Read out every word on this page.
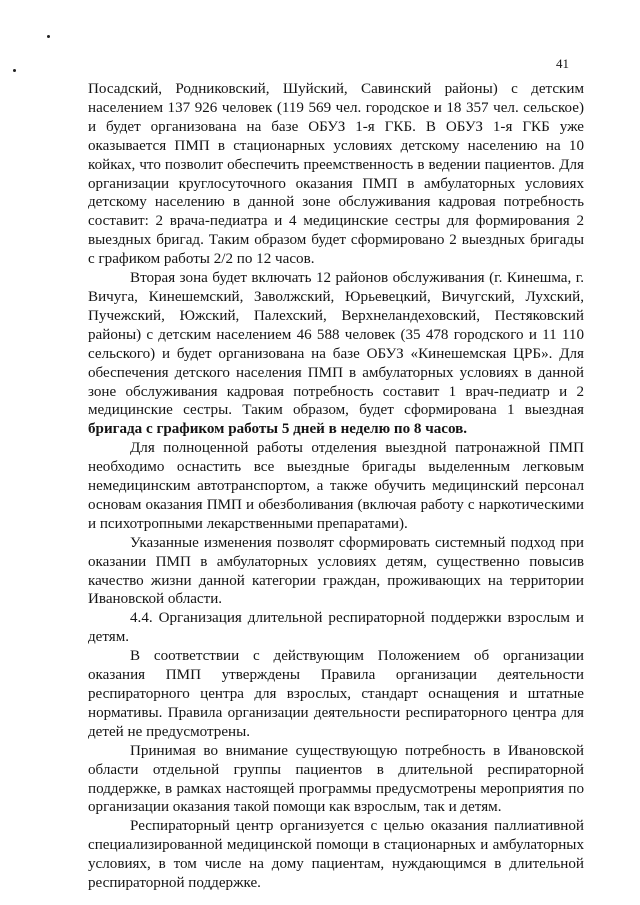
41

Посадский, Родниковский, Шуйский, Савинский районы) с детским населением 137 926 человек (119 569 чел. городское и 18 357 чел. сельское) и будет организована на базе ОБУЗ 1-я ГКБ. В ОБУЗ 1-я ГКБ уже оказывается ПМП в стационарных условиях детскому населению на 10 койках, что позволит обеспечить преемственность в ведении пациентов. Для организации круглосуточного оказания ПМП в амбулаторных условиях детскому населению в данной зоне обслуживания кадровая потребность составит: 2 врача-педиатра и 4 медицинские сестры для формирования 2 выездных бригад. Таким образом будет сформировано 2 выездных бригады с графиком работы 2/2 по 12 часов.

Вторая зона будет включать 12 районов обслуживания (г. Кинешма, г. Вичуга, Кинешемский, Заволжский, Юрьевецкий, Вичугский, Лухский, Пучежский, Южский, Палехский, Верхнеландеховский, Пестяковский районы) с детским населением 46 588 человек (35 478 городского и 11 110 сельского) и будет организована на базе ОБУЗ «Кинешемская ЦРБ». Для обеспечения детского населения ПМП в амбулаторных условиях в данной зоне обслуживания кадровая потребность составит 1 врач-педиатр и 2 медицинские сестры. Таким образом, будет сформирована 1 выездная бригада с графиком работы 5 дней в неделю по 8 часов.

Для полноценной работы отделения выездной патронажной ПМП необходимо оснастить все выездные бригады выделенным легковым немедицинским автотранспортом, а также обучить медицинский персонал основам оказания ПМП и обезболивания (включая работу с наркотическими и психотропными лекарственными препаратами).

Указанные изменения позволят сформировать системный подход при оказании ПМП в амбулаторных условиях детям, существенно повысив качество жизни данной категории граждан, проживающих на территории Ивановской области.

4.4. Организация длительной респираторной поддержки взрослым и детям.

В соответствии с действующим Положением об организации оказания ПМП утверждены Правила организации деятельности респираторного центра для взрослых, стандарт оснащения и штатные нормативы. Правила организации деятельности респираторного центра для детей не предусмотрены.

Принимая во внимание существующую потребность в Ивановской области отдельной группы пациентов в длительной респираторной поддержке, в рамках настоящей программы предусмотрены мероприятия по организации оказания такой помощи как взрослым, так и детям.

Респираторный центр организуется с целью оказания паллиативной специализированной медицинской помощи в стационарных и амбулаторных условиях, в том числе на дому пациентам, нуждающимся в длительной респираторной поддержке.
